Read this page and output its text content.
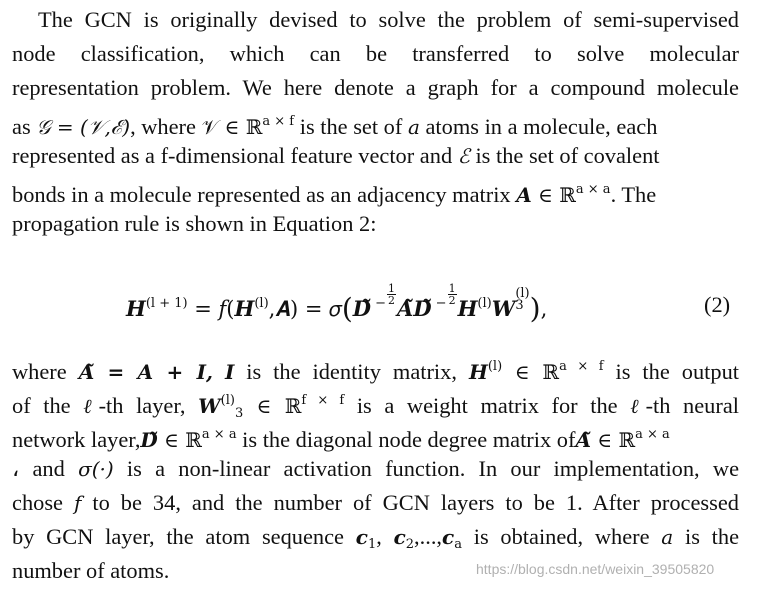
The GCN is originally devised to solve the problem of semi-supervised
node classification, which can be transferred to solve molecular
representation problem. We here denote a graph for a compound molecule
as 𝒢 = (𝒱,ℰ), where 𝒱 ∈ ℝ$^{a \times f}$ is the set of a atoms in a molecule, each
represented as a f-dimensional feature vector and ℰ is the set of covalent
bonds in a molecule represented as an adjacency matrix 𝑨 ∈ ℝ$^{a \times a}$. The
propagation rule is shown in Equation 2:
𝑯$^{(l + 1)}$ = 𝑓(𝑯$^{(l)}$,𝑨) = 𝜎(𝑫̃ $^- \frac{1}{2}$
𝑨̃𝑫̃ $^- \frac{1}{2}$
𝑯$^{(l)}$𝑾
(l)
3 ),	(2)
where 𝑨̃ = 𝑨 + 𝑰, 𝑰 is the identity matrix, 𝑯$^{(l)}$ ∈ ℝ$^{a \times f}$ is the output
of the ℓ-th layer, 𝑾$^{(l)}_3$ ∈ ℝ$^{f \times f}$ is a weight matrix for the ℓ-th neural
network layer,𝑫̃ ∈ ℝ$^{a \times a}$ is the diagonal node degree matrix of𝑨̃ ∈ ℝ$^{a \times a}$
، and 𝜎(·) is a non-linear activation function. In our implementation, we
chose 𝑓 to be 34, and the number of GCN layers to be 1. After processed
by GCN layer, the atom sequence 𝒄$_1$, 𝒄$_2$,...,𝒄$_a$ is obtained, where a is the
number of atoms.	https://blog.csdn.net/weixin_39505820
